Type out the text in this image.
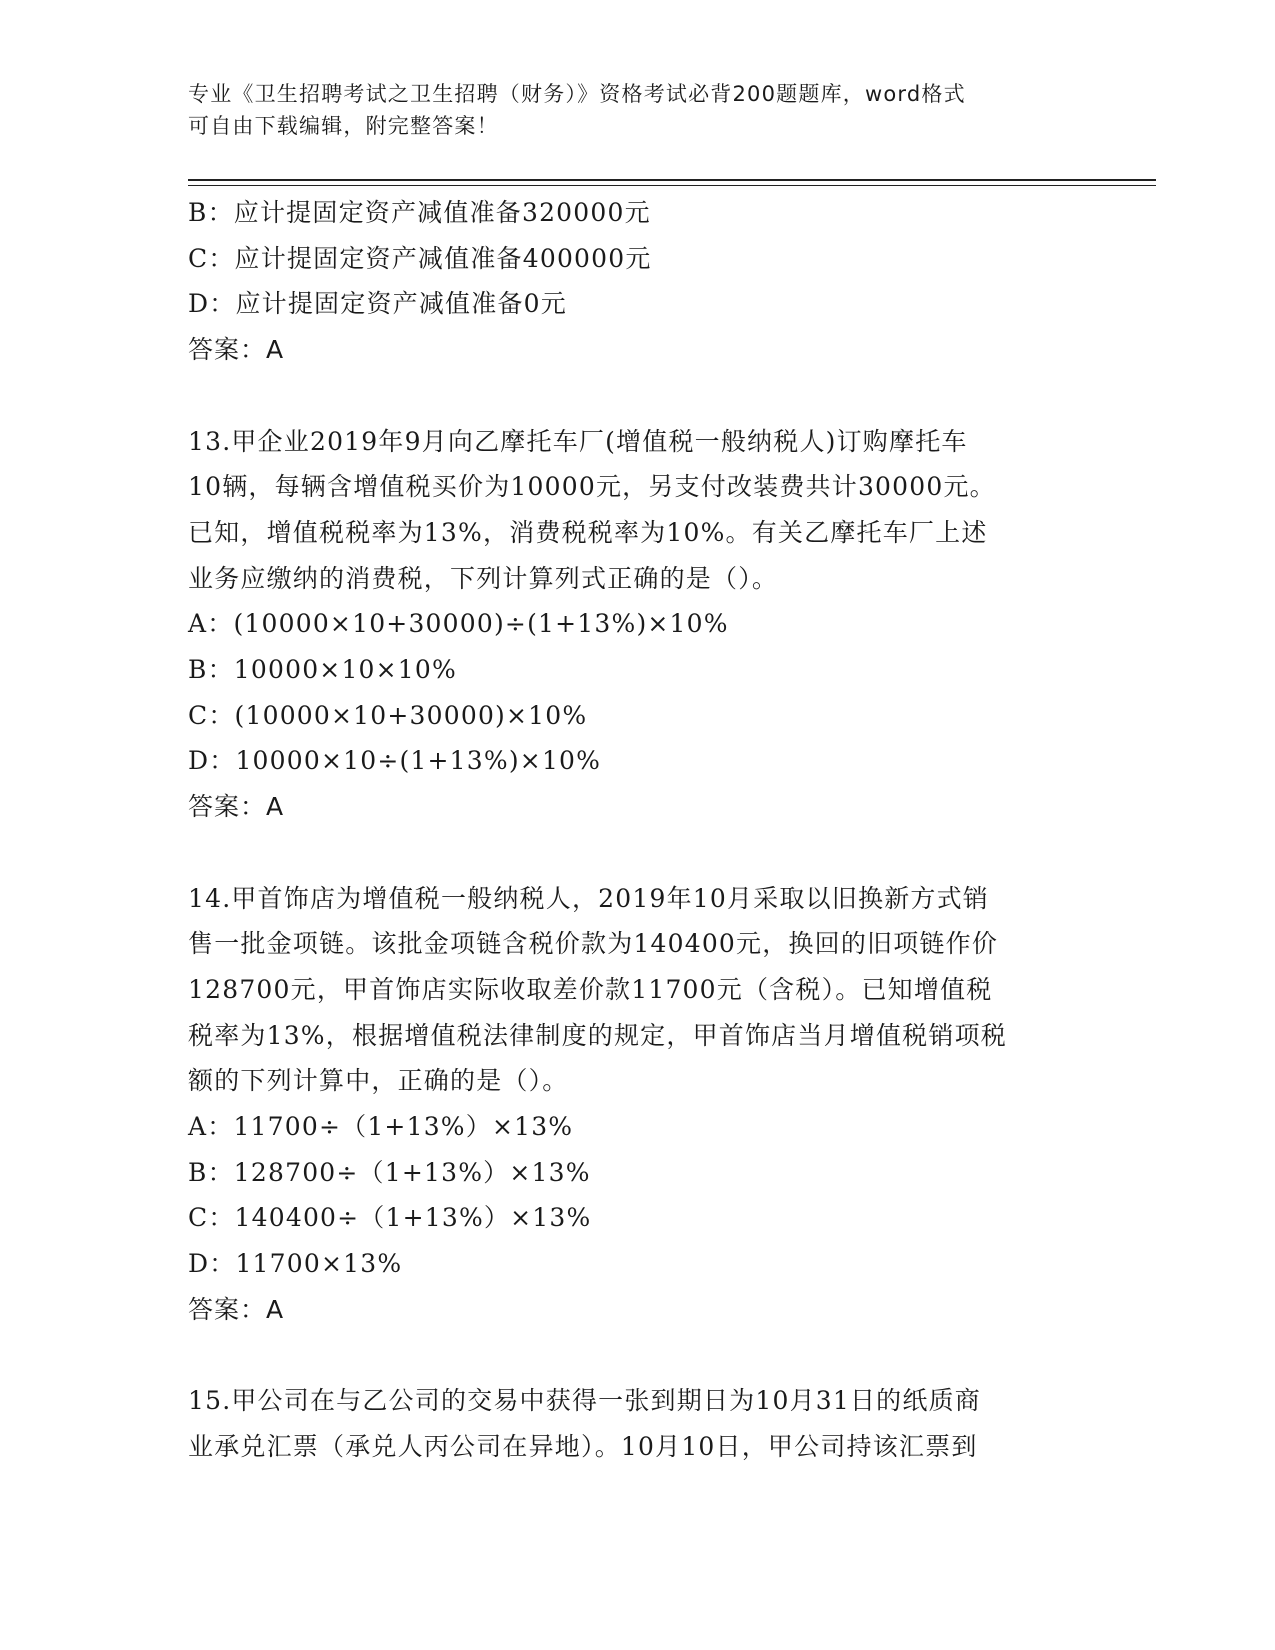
专业《卫生招聘考试之卫生招聘（财务）》资格考试必背200题题库，word格式
可自由下载编辑，附完整答案！
B：应计提固定资产减值准备320000元
C：应计提固定资产减值准备400000元
D：应计提固定资产减值准备0元
答案：A
13.甲企业2019年9月向乙摩托车厂(增值税一般纳税人)订购摩托车
10辆，每辆含增值税买价为10000元，另支付改装费共计30000元。
已知，增值税税率为13%，消费税税率为10%。有关乙摩托车厂上述
业务应缴纳的消费税，下列计算列式正确的是（）。
A：(10000×10+30000)÷(1+13%)×10%
B：10000×10×10%
C：(10000×10+30000)×10%
D：10000×10÷(1+13%)×10%
答案：A
14.甲首饰店为增值税一般纳税人，2019年10月采取以旧换新方式销
售一批金项链。该批金项链含税价款为140400元，换回的旧项链作价
128700元，甲首饰店实际收取差价款11700元（含税）。已知增值税
税率为13%，根据增值税法律制度的规定，甲首饰店当月增值税销项税
额的下列计算中，正确的是（）。
A：11700÷（1+13%）×13%
B：128700÷（1+13%）×13%
C：140400÷（1+13%）×13%
D：11700×13%
答案：A
15.甲公司在与乙公司的交易中获得一张到期日为10月31日的纸质商
业承兑汇票（承兑人丙公司在异地）。10月10日，甲公司持该汇票到
